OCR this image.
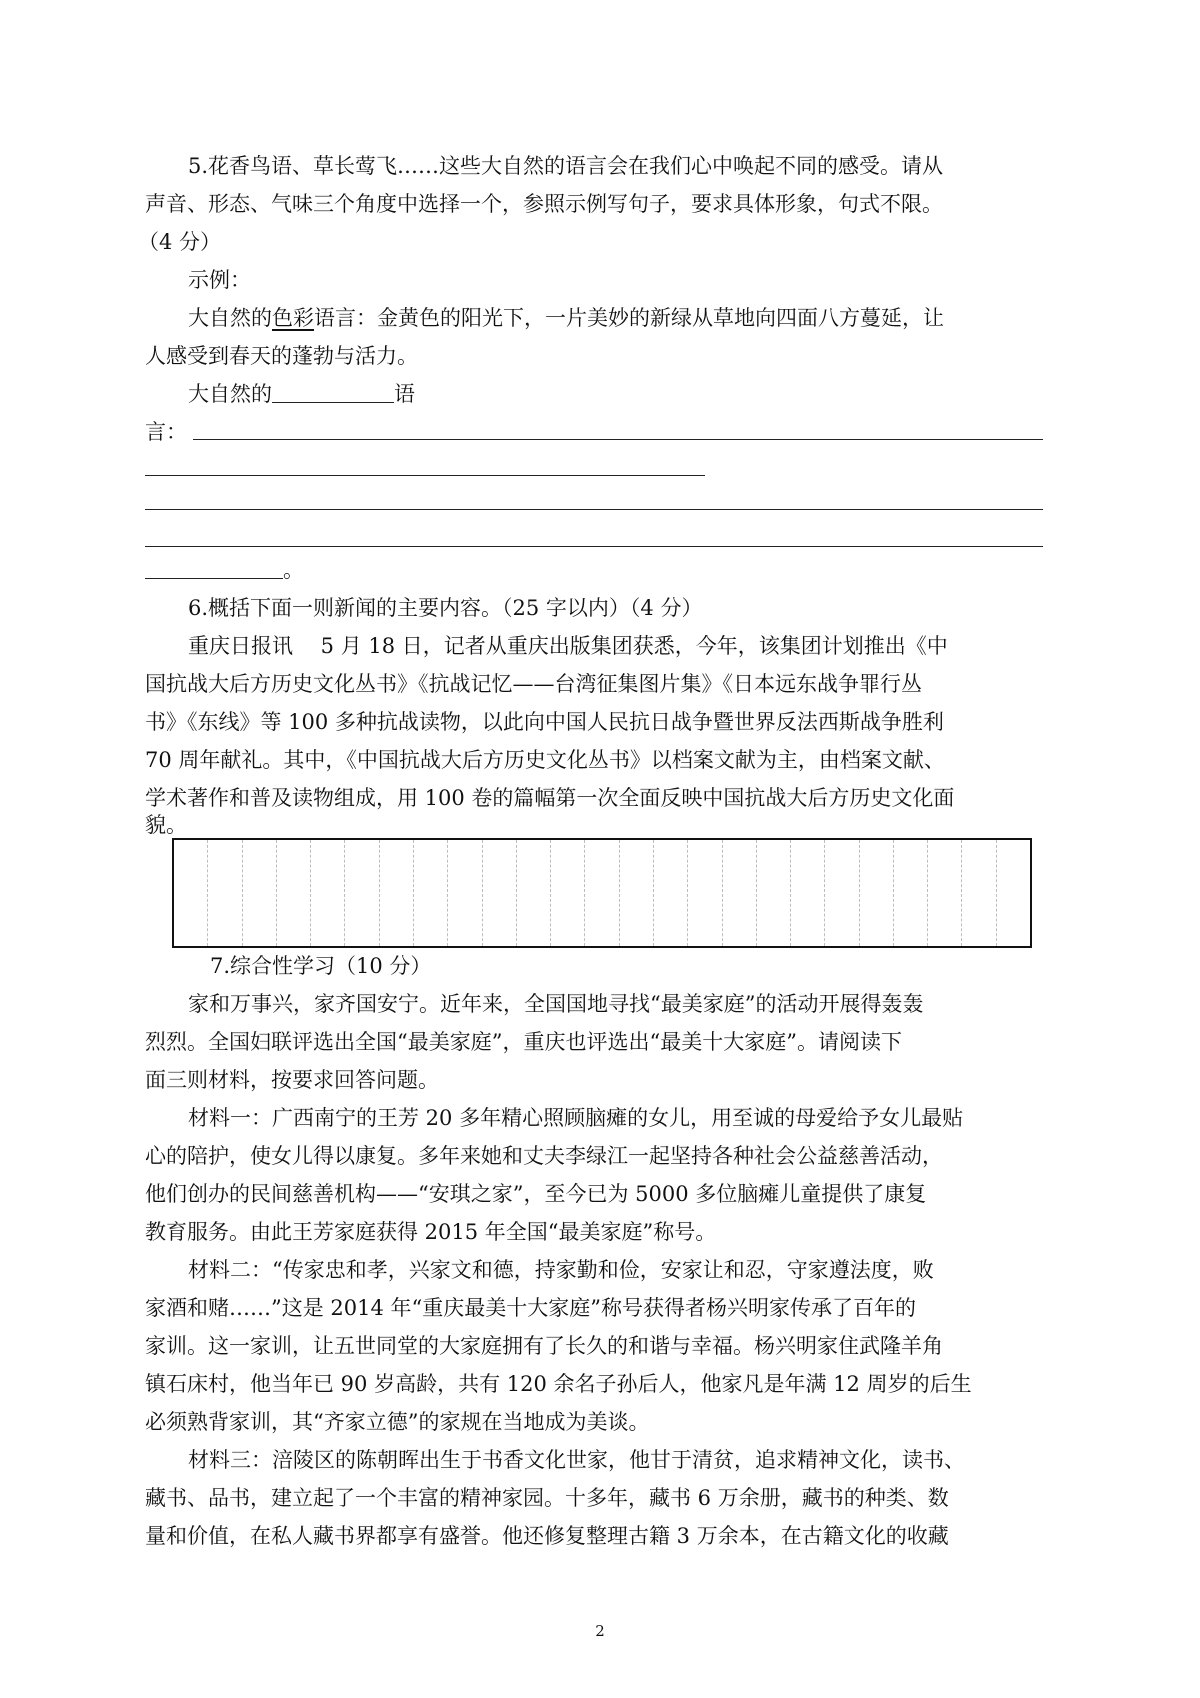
5.花香鸟语、草长莺飞……这些大自然的语言会在我们心中唤起不同的感受。请从
声音、形态、气味三个角度中选择一个，参照示例写句子，要求具体形象，句式不限。
（4 分）
示例：
大自然的色彩语言：金黄色的阳光下，一片美妙的新绿从草地向四面八方蔓延，让
人感受到春天的蓬勃与活力。
大自然的	语
言：
。
6.概括下面一则新闻的主要内容。（25 字以内）（4 分）
重庆日报讯　 5 月 18 日，记者从重庆出版集团获悉，今年，该集团计划推出《中
国抗战大后方历史文化丛书》《抗战记忆——台湾征集图片集》《日本远东战争罪行丛
书》《东线》等 100 多种抗战读物，以此向中国人民抗日战争暨世界反法西斯战争胜利
70 周年献礼。其中，《中国抗战大后方历史文化丛书》以档案文献为主，由档案文献、
学术著作和普及读物组成，用 100 卷的篇幅第一次全面反映中国抗战大后方历史文化面
貌。
7.综合性学习（10 分）
家和万事兴，家齐国安宁。近年来，全国国地寻找“最美家庭”的活动开展得轰轰
烈烈。全国妇联评选出全国“最美家庭”，重庆也评选出“最美十大家庭”。请阅读下
面三则材料，按要求回答问题。
材料一：广西南宁的王芳 20 多年精心照顾脑瘫的女儿，用至诚的母爱给予女儿最贴
心的陪护，使女儿得以康复。多年来她和丈夫李绿江一起坚持各种社会公益慈善活动，
他们创办的民间慈善机构——“安琪之家”，至今已为 5000 多位脑瘫儿童提供了康复
教育服务。由此王芳家庭获得 2015 年全国“最美家庭”称号。
材料二：“传家忠和孝，兴家文和德，持家勤和俭，安家让和忍，守家遵法度，败
家酒和赌……”这是 2014 年“重庆最美十大家庭”称号获得者杨兴明家传承了百年的
家训。这一家训，让五世同堂的大家庭拥有了长久的和谐与幸福。杨兴明家住武隆羊角
镇石床村，他当年已 90 岁高龄，共有 120 余名子孙后人，他家凡是年满 12 周岁的后生
必须熟背家训，其“齐家立德”的家规在当地成为美谈。
材料三：涪陵区的陈朝晖出生于书香文化世家，他甘于清贫，追求精神文化，读书、
藏书、品书，建立起了一个丰富的精神家园。十多年，藏书 6 万余册，藏书的种类、数
量和价值，在私人藏书界都享有盛誉。他还修复整理古籍 3 万余本，在古籍文化的收藏
2
